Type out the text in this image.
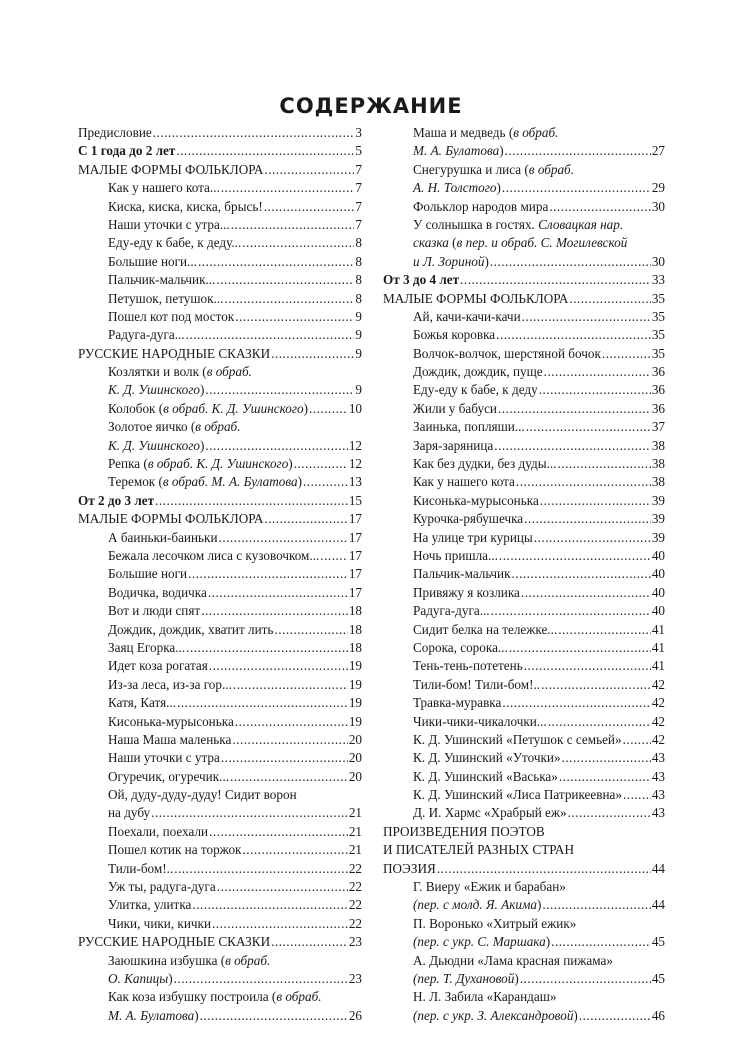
СОДЕРЖАНИЕ
Предисловие .....	3
С 1 года до 2 лет .....	5
МАЛЫЕ ФОРМЫ ФОЛЬКЛОРА .....	7
Как у нашего кота... .....	7
Киска, киска, киска, брысь! .....	7
Наши уточки с утра... .....	7
Еду-еду к бабе, к деду... .....	8
Большие ноги... .....	8
Пальчик-мальчик... .....	8
Петушок, петушок... .....	8
Пошел кот под мосток .....	9
Радуга-дуга... .....	9
РУССКИЕ НАРОДНЫЕ СКАЗКИ .....	9
Козлятки и волк (в обраб.
К. Д. Ушинского) .....	9
Колобок (в обраб. К. Д. Ушинского) .....	10
Золотое яичко (в обраб.
К. Д. Ушинского) .....	12
Репка (в обраб. К. Д. Ушинского) .....	12
Теремок (в обраб. М. А. Булатова) .....	13
От 2 до 3 лет .....	15
МАЛЫЕ ФОРМЫ ФОЛЬКЛОРА .....	17
А баиньки-баиньки .....	17
Бежала лесочком лиса с кузовочком... ..... 17
Большие ноги .....	17
Водичка, водичка .....	17
Вот и люди спят .....	18
Дождик, дождик, хватит лить .....	18
Заяц Егорка... .....	18
Идет коза рогатая .....	19
Из-за леса, из-за гор... .....	19
Катя, Катя... .....	19
Кисонька-мурысонька .....	19
Наша Маша маленька .....	20
Наши уточки с утра .....	20
Огуречик, огуречик... .....	20
Ой, дуду-дуду-дуду! Сидит ворон
на дубу .....	21
Поехали, поехали .....	21
Пошел котик на торжок .....	21
Тили-бом!.. .....	22
Уж ты, радуга-дуга .....	22
Улитка, улитка .....	22
Чики, чики, кички .....	22
РУССКИЕ НАРОДНЫЕ СКАЗКИ .....	23
Заюшкина избушка (в обраб.
О. Капицы) .....	23
Как коза избушку построила (в обраб.
М. А. Булатова) .....	26
Маша и медведь (в обраб.
М. А. Булатова) .....	27
Снегурушка и лиса (в обраб.
А. Н. Толстого) .....	29
Фольклор народов мира .....	30
У солнышка в гостях. Словацкая нар.
сказка (в пер. и обраб. С. Могилевской
и Л. Зориной) .....	30
От 3 до 4 лет .....	33
МАЛЫЕ ФОРМЫ ФОЛЬКЛОРА .....	35
Ай, качи-качи-качи .....	35
Божья коровка .....	35
Волчок-волчок, шерстяной бочок .....	35
Дождик, дождик, пуще .....	36
Еду-еду к бабе, к деду .....	36
Жили у бабуси .....	36
Заинька, попляши... .....	37
Заря-заряница .....	38
Как без дудки, без дуды... .....	38
Как у нашего кота .....	38
Кисонька-мурысонька .....	39
Курочка-рябушечка .....	39
На улице три курицы .....	39
Ночь пришла... .....	40
Пальчик-мальчик .....	40
Привяжу я козлика .....	40
Радуга-дуга... .....	40
Сидит белка на тележке... .....	41
Сорока, сорока... .....	41
Тень-тень-потетень .....	41
Тили-бом! Тили-бом!.. .....	42
Травка-муравка .....	42
Чики-чики-чикалочки... .....	42
К. Д. Ушинский «Петушок с семьей» ..... 42
К. Д. Ушинский «Уточки» .....	43
К. Д. Ушинский «Васька» .....	43
К. Д. Ушинский «Лиса Патрикеевна» ..... 43
Д. И. Хармс «Храбрый еж» .....	43
ПРОИЗВЕДЕНИЯ ПОЭТОВ
И ПИСАТЕЛЕЙ РАЗНЫХ СТРАН
ПОЭЗИЯ .....	44
Г. Виеру «Ежик и барабан»
(пер. с молд. Я. Акима) .....	44
П. Воронько «Хитрый ежик»
(пер. с укр. С. Маршака) .....	45
А. Дьюдни «Лама красная пижама»
(пер. Т. Духановой) .....	45
Н. Л. Забила «Карандаш»
(пер. с укр. З. Александровой) .....	46
